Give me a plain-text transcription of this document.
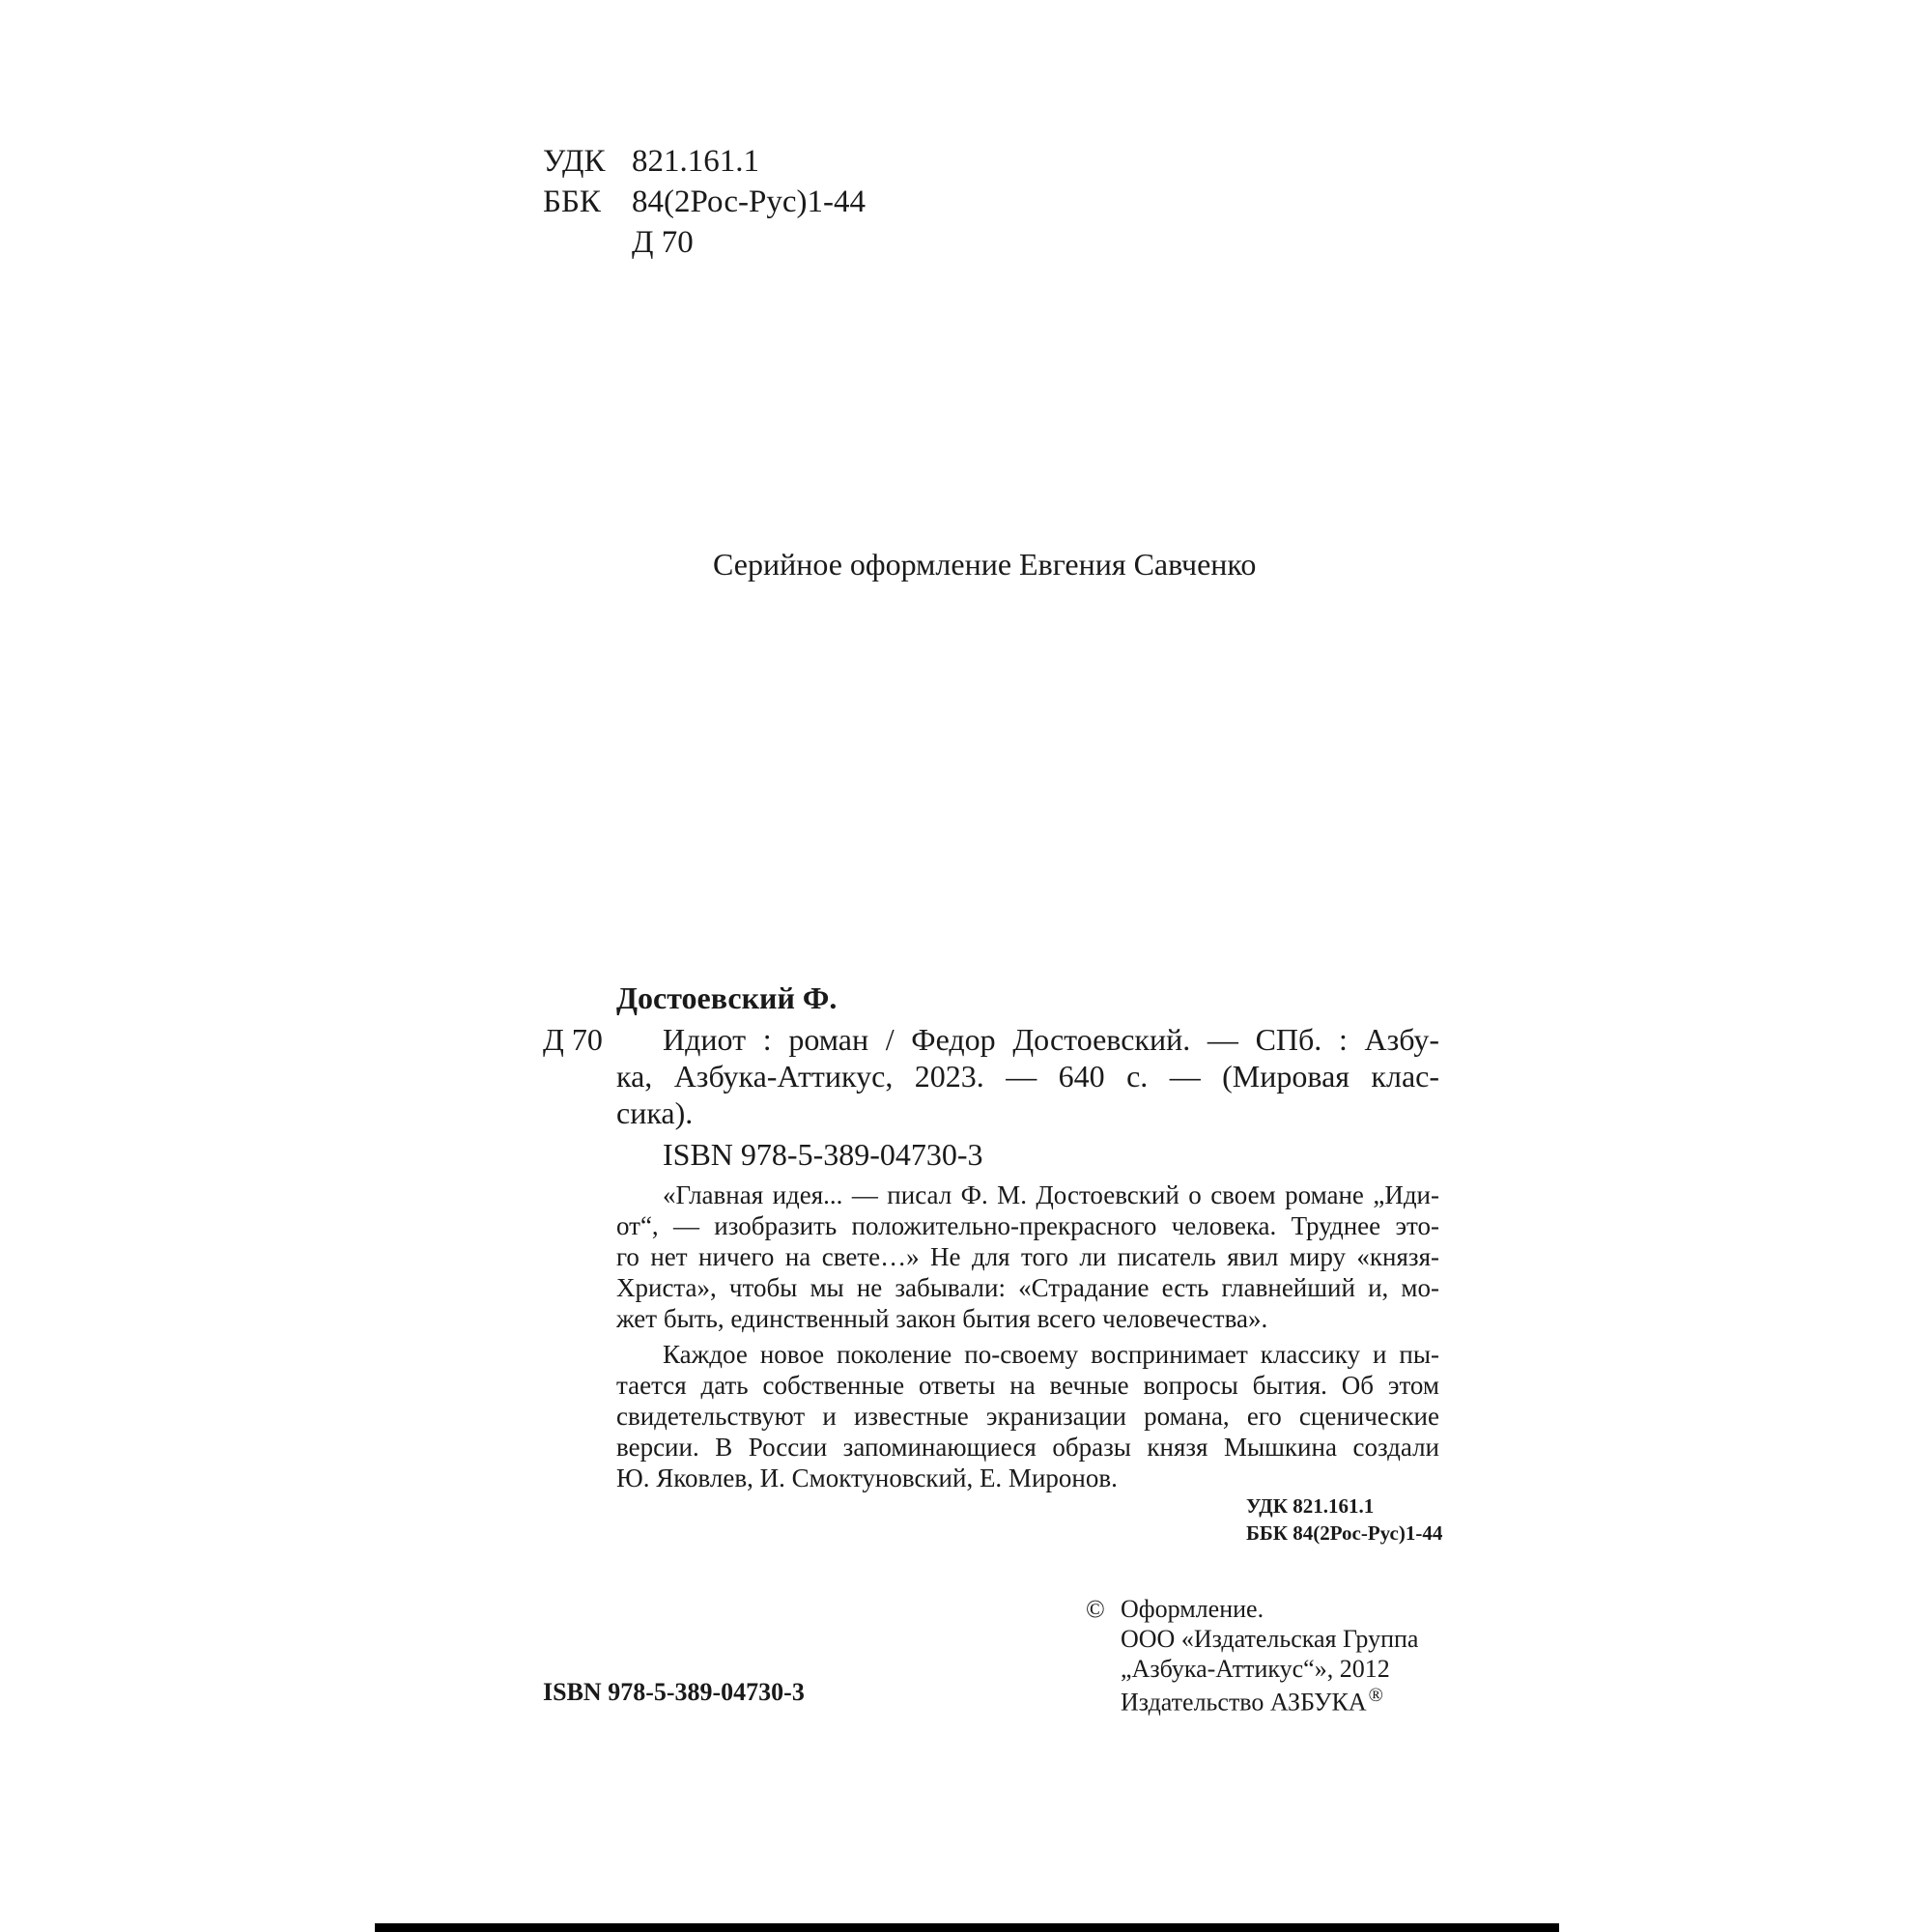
УДК 821.161.1
ББК 84(2Рос-Рус)1-44
Д 70
Серийное оформление Евгения Савченко
Достоевский Ф.
Д 70 Идиот : роман / Федор Достоевский. — СПб. : Азбу-
ка, Азбука-Аттикус, 2023. — 640 с. — (Мировая клас-
сика).
ISBN 978-5-389-04730-3
«Главная идея... — писал Ф. М. Достоевский о своем романе „Иди-
от“, — изобразить положительно-прекрасного человека. Труднее это-
го нет ничего на свете…» Не для того ли писатель явил миру «князя-
Христа», чтобы мы не забывали: «Страдание есть главнейший и, мо-
жет быть, единственный закон бытия всего человечества».
Каждое новое поколение по-своему воспринимает классику и пы-
тается дать собственные ответы на вечные вопросы бытия. Об этом
свидетельствуют и известные экранизации романа, его сценические
версии. В России запоминающиеся образы князя Мышкина создали
Ю. Яковлев, И. Смоктуновский, Е. Миронов.
УДК 821.161.1
ББК 84(2Рос-Рус)1-44
© Оформление.
ООО «Издательская Группа
„Азбука-Аттикус“», 2012
Издательство АЗБУКА ®
ISBN 978-5-389-04730-3
